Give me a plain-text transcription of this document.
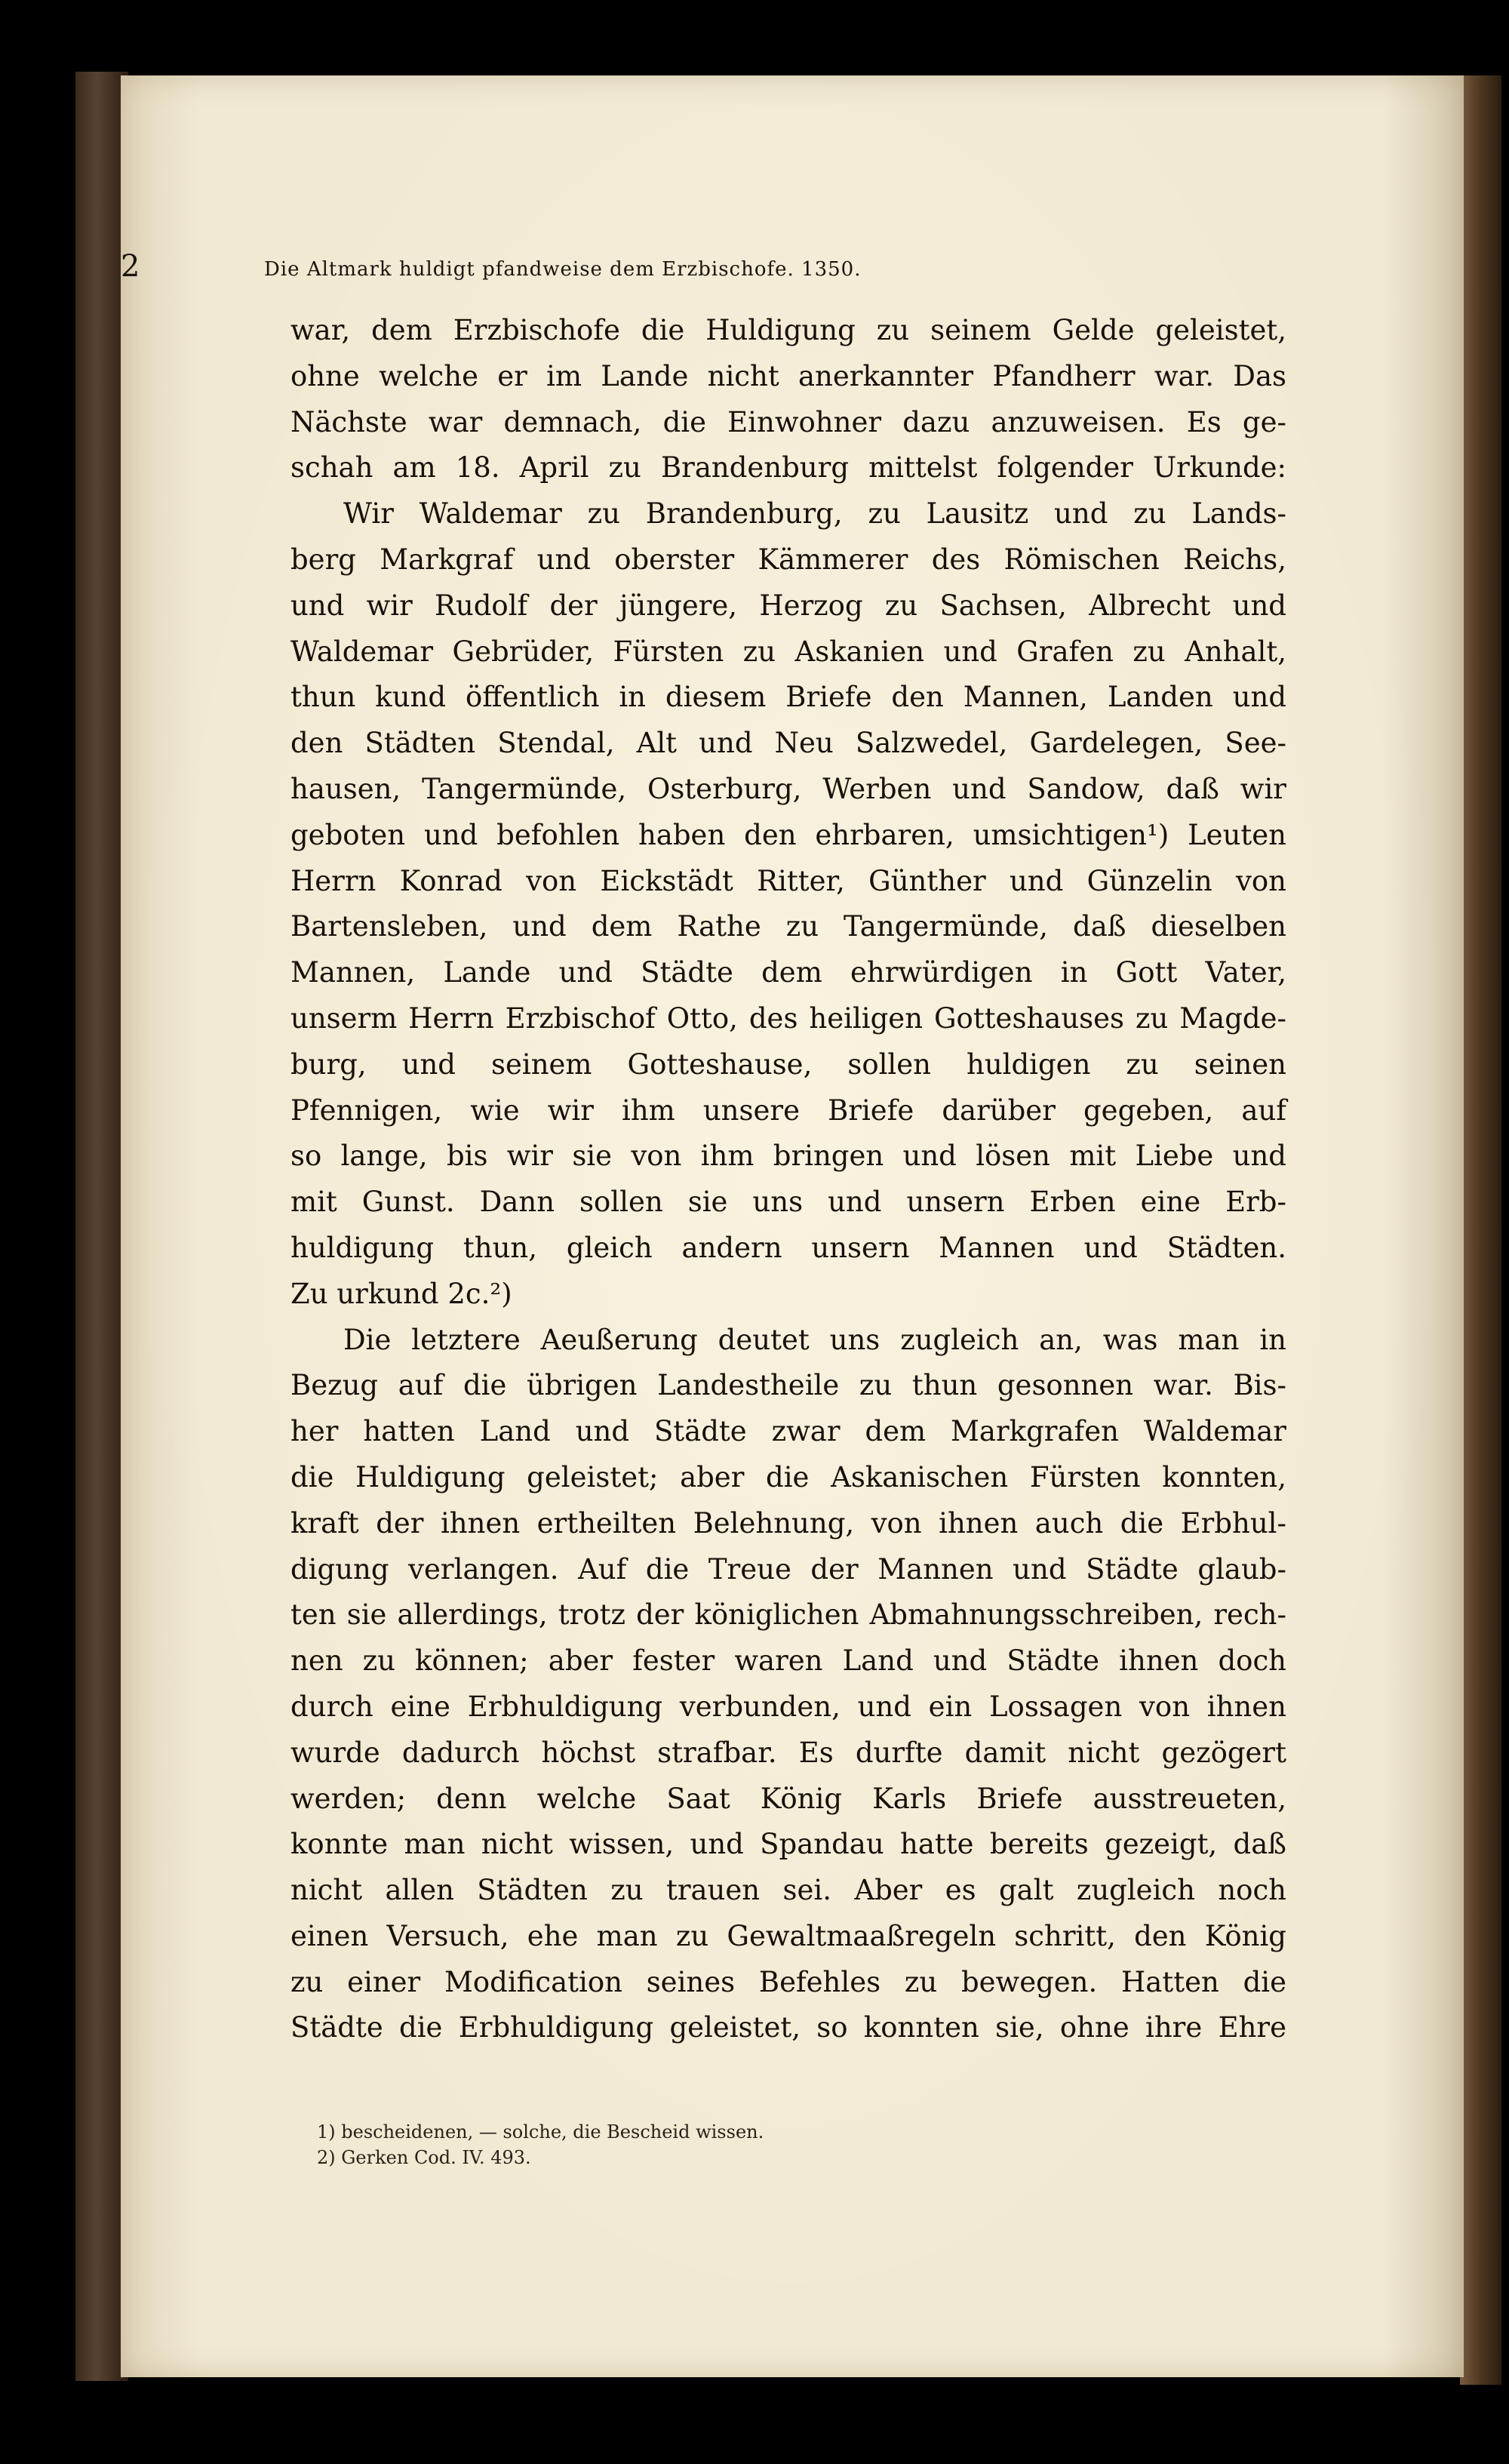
2	Die Altmark huldigt pfandweise dem Erzbischofe. 1350.
war, dem Erzbischofe die Huldigung zu seinem Gelde geleistet,
ohne welche er im Lande nicht anerkannter Pfandherr war. Das
Nächste war demnach, die Einwohner dazu anzuweisen. Es ge-
schah am 18. April zu Brandenburg mittelst folgender Urkunde:
Wir Waldemar zu Brandenburg, zu Lausitz und zu Lands-
berg Markgraf und oberster Kämmerer des Römischen Reichs,
und wir Rudolf der jüngere, Herzog zu Sachsen, Albrecht und
Waldemar Gebrüder, Fürsten zu Askanien und Grafen zu Anhalt,
thun kund öffentlich in diesem Briefe den Mannen, Landen und
den Städten Stendal, Alt und Neu Salzwedel, Gardelegen, See-
hausen, Tangermünde, Osterburg, Werben und Sandow, daß wir
geboten und befohlen haben den ehrbaren, umsichtigen¹) Leuten
Herrn Konrad von Eickstädt Ritter, Günther und Günzelin von
Bartensleben, und dem Rathe zu Tangermünde, daß dieselben
Mannen, Lande und Städte dem ehrwürdigen in Gott Vater,
unserm Herrn Erzbischof Otto, des heiligen Gotteshauses zu Magde-
burg, und seinem Gotteshause, sollen huldigen zu seinen
Pfennigen, wie wir ihm unsere Briefe darüber gegeben, auf
so lange, bis wir sie von ihm bringen und lösen mit Liebe und
mit Gunst. Dann sollen sie uns und unsern Erben eine Erb-
huldigung thun, gleich andern unsern Mannen und Städten.
Zu urkund 2c.²)
Die letztere Aeußerung deutet uns zugleich an, was man in
Bezug auf die übrigen Landestheile zu thun gesonnen war. Bis-
her hatten Land und Städte zwar dem Markgrafen Waldemar
die Huldigung geleistet; aber die Askanischen Fürsten konnten,
kraft der ihnen ertheilten Belehnung, von ihnen auch die Erbhul-
digung verlangen. Auf die Treue der Mannen und Städte glaub-
ten sie allerdings, trotz der königlichen Abmahnungsschreiben, rech-
nen zu können; aber fester waren Land und Städte ihnen doch
durch eine Erbhuldigung verbunden, und ein Lossagen von ihnen
wurde dadurch höchst strafbar. Es durfte damit nicht gezögert
werden; denn welche Saat König Karls Briefe ausstreueten,
konnte man nicht wissen, und Spandau hatte bereits gezeigt, daß
nicht allen Städten zu trauen sei. Aber es galt zugleich noch
einen Versuch, ehe man zu Gewaltmaaßregeln schritt, den König
zu einer Modification seines Befehles zu bewegen. Hatten die
Städte die Erbhuldigung geleistet, so konnten sie, ohne ihre Ehre
1) bescheidenen, — solche, die Bescheid wissen.
2) Gerken Cod. IV. 493.
